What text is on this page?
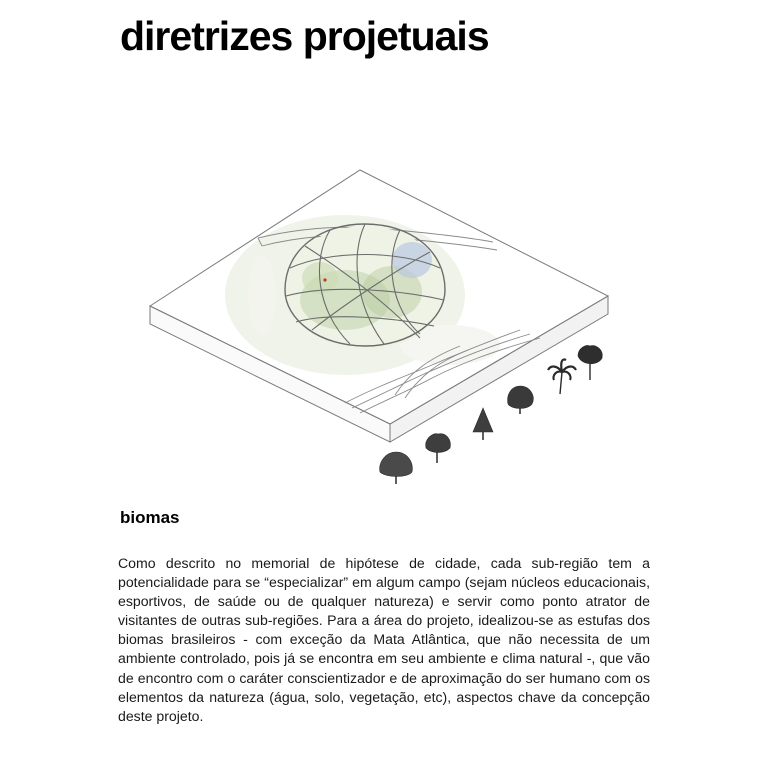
diretrizes projetuais
biomas

Como descrito no memorial de hipótese de cidade, cada sub-região tem a potencialidade para se “especializar” em algum campo (sejam núcleos educacionais, esportivos, de saúde ou de qualquer natureza) e servir como ponto atrator de visitantes de outras sub-regiões. Para a área do projeto, idealizou-se as estufas dos biomas brasileiros - com exceção da Mata Atlântica, que não necessita de um ambiente controlado, pois já se encontra em seu ambiente e clima natural -, que vão de encontro com o caráter conscientizador e de aproximação do ser humano com os elementos da natureza (água, solo, vegetação, etc), aspectos chave da concepção deste projeto.
